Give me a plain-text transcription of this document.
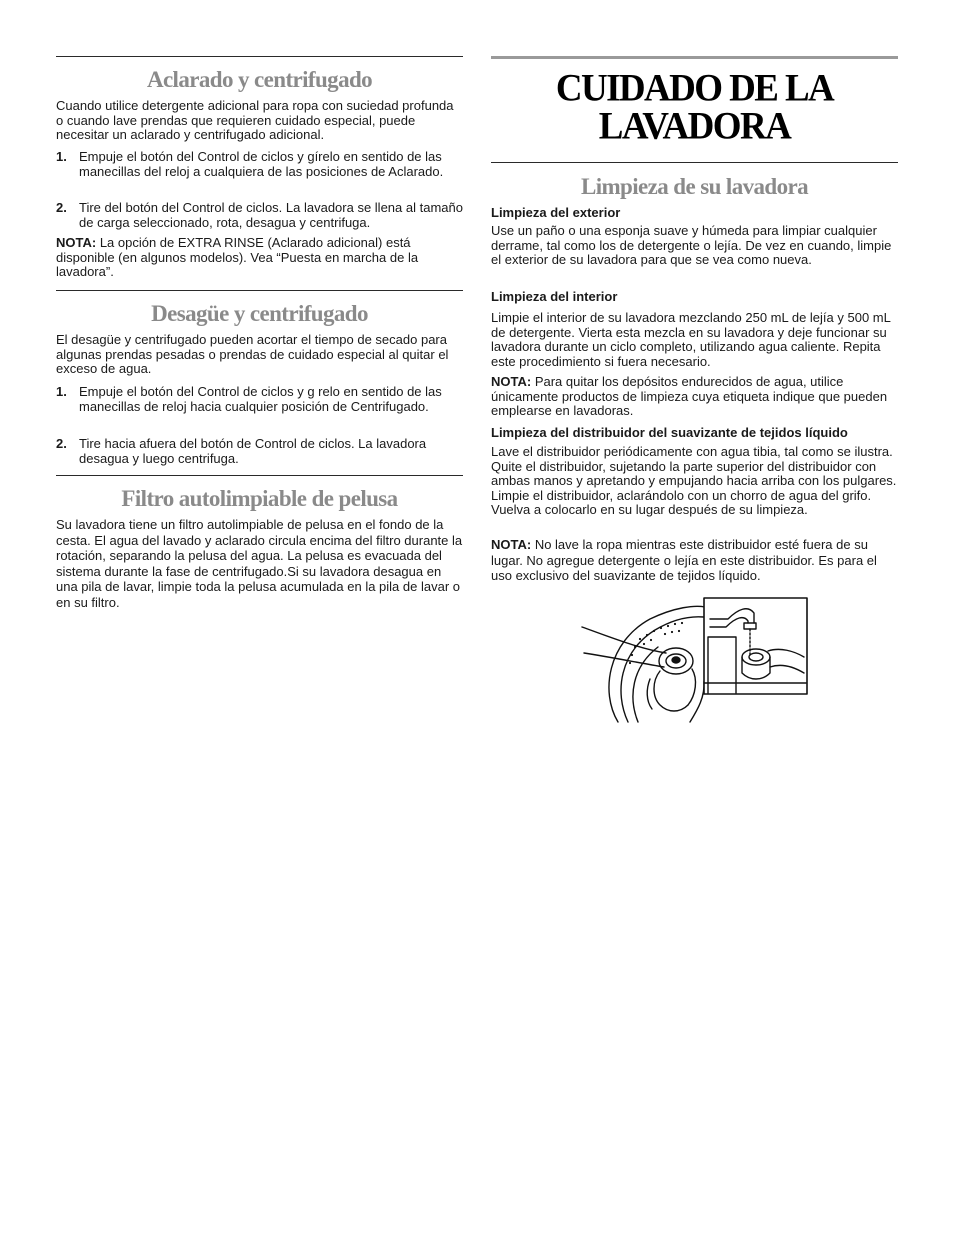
Aclarado y centrifugado

Cuando utilice detergente adicional para ropa con suciedad profunda o cuando lave prendas que requieren cuidado especial, puede necesitar un aclarado y centrifugado adicional.

1. Empuje el botón del Control de ciclos y gírelo en sentido de las manecillas del reloj a cualquiera de las posiciones de Aclarado.
2. Tire del botón del Control de ciclos. La lavadora se llena al tamaño de carga seleccionado, rota, desagua y centrifuga.

NOTA: La opción de EXTRA RINSE (Aclarado adicional) está disponible (en algunos modelos). Vea “Puesta en marcha de la lavadora”.

Desagüe y centrifugado

El desagüe y centrifugado pueden acortar el tiempo de secado para algunas prendas pesadas o prendas de cuidado especial al quitar el exceso de agua.

1. Empuje el botón del Control de ciclos y g relo en sentido de las manecillas de reloj hacia cualquier posición de Centrifugado.
2. Tire hacia afuera del botón de Control de ciclos. La lavadora desagua y luego centrifuga.
Filtro autolimpiable de pelusa

Su lavadora tiene un filtro autolimpiable de pelusa en el fondo de la cesta. El agua del lavado y aclarado circula encima del filtro durante la rotación, separando la pelusa del agua. La pelusa es evacuada del sistema durante la fase de centrifugado.Si su lavadora desagua en una pila de lavar, limpie toda la pelusa acumulada en la pila de lavar o en su filtro.

CUIDADO DE LA
LAVADORA
Limpieza de su lavadora

Limpieza del exterior

Use un paño o una esponja suave y húmeda para limpiar cualquier derrame, tal como los de detergente o lejía. De vez en cuando, limpie el exterior de su lavadora para que se vea como nueva.

Limpieza del interior

Limpie el interior de su lavadora mezclando 250 mL de lejía y 500 mL de detergente. Vierta esta mezcla en su lavadora y deje funcionar su lavadora durante un ciclo completo, utilizando agua caliente. Repita este procedimiento si fuera necesario.

NOTA: Para quitar los depósitos endurecidos de agua, utilice únicamente productos de limpieza cuya etiqueta indique que pueden emplearse en lavadoras.

Limpieza del distribuidor del suavizante de tejidos líquido

Lave el distribuidor periódicamente con agua tibia, tal como se ilustra. Quite el distribuidor, sujetando la parte superior del distribuidor con ambas manos y apretando y empujando hacia arriba con los pulgares. Limpie el distribuidor, aclarándolo con un chorro de agua del grifo. Vuelva a colocarlo en su lugar después de su limpieza.

NOTA: No lave la ropa mientras este distribuidor esté fuera de su lugar. No agregue detergente o lejía en este distribuidor. Es para el uso exclusivo del suavizante de tejidos líquido.
